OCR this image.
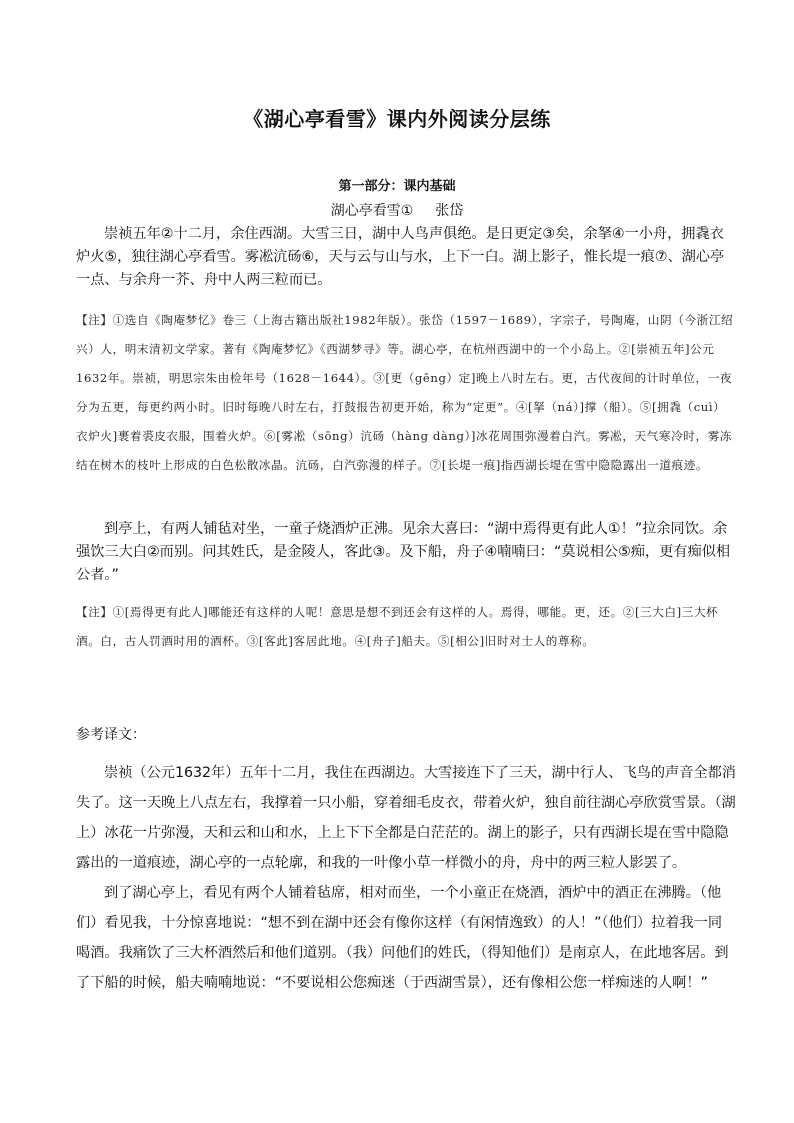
《湖心亭看雪》课内外阅读分层练
第一部分：课内基础
湖心亭看雪① 张岱
崇祯五年②十二月，余住西湖。大雪三日，湖中人鸟声俱绝。是日更定③矣，余拏④一小舟，拥毳衣炉火⑤，独往湖心亭看雪。雾凇沆砀⑥，天与云与山与水，上下一白。湖上影子，惟长堤一痕⑦、湖心亭一点、与余舟一芥、舟中人两三粒而已。
【注】①选自《陶庵梦忆》卷三（上海古籍出版社1982年版）。张岱（1597－1689），字宗子，号陶庵，山阴（今浙江绍兴）人，明末清初文学家。著有《陶庵梦忆》《西湖梦寻》等。湖心亭，在杭州西湖中的一个小岛上。②[崇祯五年]公元1632年。崇祯，明思宗朱由检年号（1628－1644）。③[更（gēng）定]晚上八时左右。更，古代夜间的计时单位，一夜分为五更，每更约两小时。旧时每晚八时左右，打鼓报告初更开始，称为“定更”。④[拏（ná）]撑（船）。⑤[拥毳（cuì）衣炉火]裹着裘皮衣服，围着火炉。⑥[雾凇（sōng）沆砀（hàng dàng）]冰花周围弥漫着白汽。雾凇，天气寒冷时，雾冻结在树木的枝叶上形成的白色松散冰晶。沆砀，白汽弥漫的样子。⑦[长堤一痕]指西湖长堤在雪中隐隐露出一道痕迹。
到亭上，有两人铺毡对坐，一童子烧酒炉正沸。见余大喜曰：“湖中焉得更有此人①！”拉余同饮。余强饮三大白②而别。问其姓氏，是金陵人，客此③。及下船，舟子④喃喃曰：“莫说相公⑤痴，更有痴似相公者。”
【注】①[焉得更有此人]哪能还有这样的人呢！意思是想不到还会有这样的人。焉得，哪能。更，还。②[三大白]三大杯酒。白，古人罚酒时用的酒杯。③[客此]客居此地。④[舟子]船夫。⑤[相公]旧时对士人的尊称。
参考译文：

崇祯（公元1632年）五年十二月，我住在西湖边。大雪接连下了三天，湖中行人、飞鸟的声音全都消失了。这一天晚上八点左右，我撑着一只小船，穿着细毛皮衣，带着火炉，独自前往湖心亭欣赏雪景。（湖上）冰花一片弥漫，天和云和山和水，上上下下全都是白茫茫的。湖上的影子，只有西湖长堤在雪中隐隐露出的一道痕迹，湖心亭的一点轮廓，和我的一叶像小草一样微小的舟，舟中的两三粒人影罢了。

到了湖心亭上，看见有两个人铺着毡席，相对而坐，一个小童正在烧酒，酒炉中的酒正在沸腾。（他们）看见我，十分惊喜地说：“想不到在湖中还会有像你这样（有闲情逸致）的人！”（他们）拉着我一同喝酒。我痛饮了三大杯酒然后和他们道别。（我）问他们的姓氏，（得知他们）是南京人，在此地客居。到了下船的时候，船夫喃喃地说：“不要说相公您痴迷（于西湖雪景），还有像相公您一样痴迷的人啊！”
